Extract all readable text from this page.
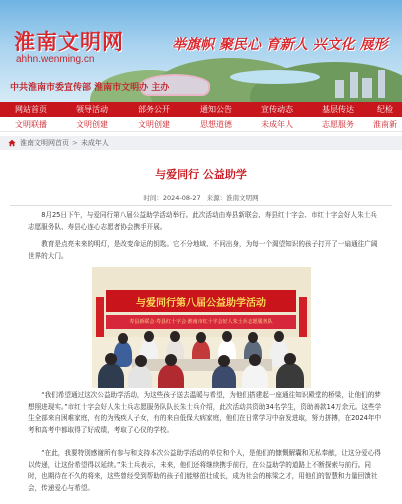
淮南文明网
ahhn.wenming.cn
中共淮南市委宣传部 淮南市文明办 主办
举旗帜 聚民心 育新人 兴文化 展形
网站首页	领导活动	部务公开	通知公告	宣传动态	基层传达	纪检
文明联播	文明创建	文明创建	思想道德	未成年人	志愿服务	淮南新
淮南文明网首页 > 未成年人
与爱同行 公益助学
时间：2024-08-27 来源：淮南文明网

8月25日下午，与爱同行第八届公益助学活动举行。此次活动由寿县新联会、寿县红十字会、市红十字会好人朱士兵志愿服务队、寿县心连心志愿者协会携手开展。

教育是点亮未来的明灯，是改变命运的钥匙。它不分地域、不问出身，为每一个渴望知识的孩子打开了一扇通往广阔世界的大门。

与爱同行第八届公益助学活动
寿县新联会·寿县红十字会·淮南市红十字会好人朱士兵志愿服务队

“我们希望通过这次公益助学活动，为这些孩子送去温暖与希望，为他们搭建起一座通往知识殿堂的桥梁，让他们的梦想照进现实。”市红十字会好人朱士兵志愿服务队队长朱士兵介绍，此次活动共资助34名学生，资助善款14万余元。这些学生全部来自困难家庭，有的为残疾人子女，有的来自低保大病家庭，他们在日常学习中奋发进取，努力拼搏，在2024年中考和高考中都取得了好成绩，考取了心仪的学校。

“在此，我要特别感谢所有参与和支持本次公益助学活动的单位和个人，是他们的慷慨解囊和无私奉献，让这分爱心得以传递，让这份希望得以延续。”朱士兵表示，未来，他们还将继续携手前行，在公益助学的道路上不断探索与前行。同时，也期待在不久的将来，这些曾经受到帮助的孩子们能够茁壮成长，成为社会的栋梁之才，用他们的智慧和力量回馈社会，传递爱心与希望。
